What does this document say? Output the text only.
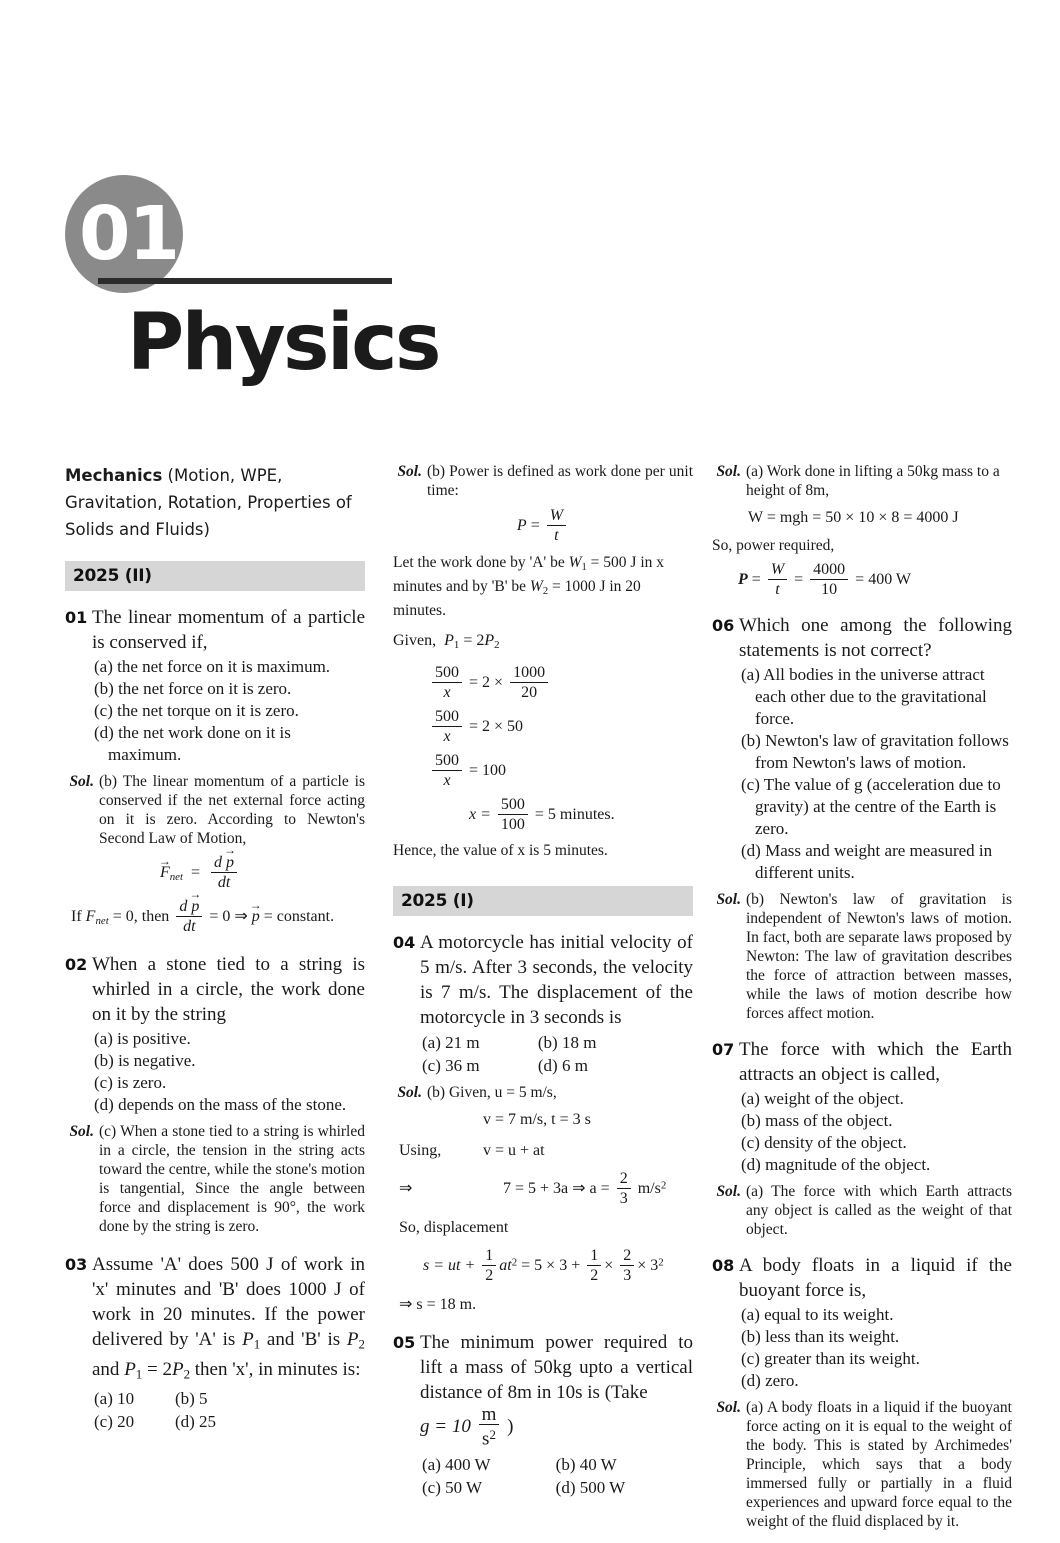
01
Physics
Mechanics (Motion, WPE, Gravitation, Rotation, Properties of Solids and Fluids)
2025 (II)
01 The linear momentum of a particle is conserved if,
(a) the net force on it is maximum.
(b) the net force on it is zero.
(c) the net torque on it is zero.
(d) the net work done on it is maximum.
Sol. (b) The linear momentum of a particle is conserved if the net external force acting on it is zero. According to Newton's Second Law of Motion,
$F \to_{net} = \frac{\text{d p →}}{dt}$
If $F_{net} = 0$, then $\frac{\text{d p →}}{dt} = 0$ ⇒ p → = constant.
02 When a stone tied to a string is whirled in a circle, the work done on it by the string
(a) is positive.
(b) is negative.
(c) is zero.
(d) depends on the mass of the stone.
Sol. (c) When a stone tied to a string is whirled in a circle, the tension in the string acts toward the centre, while the stone's motion is tangential, Since the angle between force and displacement is 90°, the work done by the string is zero.
03 Assume 'A' does 500 J of work in 'x' minutes and 'B' does 1000 J of work in 20 minutes. If the power delivered by 'A' is $P_1$ and 'B' is $P_2$ and $P_1 = 2P_2$ then 'x', in minutes is:
(a) 10	(b) 5
(c) 20	(d) 25
Sol. (b) Power is defined as work done per unit time:
$P = \frac{W}{t}$
Let the work done by 'A' be $W_1 = 500$ J in x minutes and by 'B' be $W_2 = 1000$ J in 20 minutes.
Given, $P_1 = 2P_2$
$\frac{500}{x} = 2 \times \frac{1000}{20}$
$\frac{500}{x} = 2 \times 50$
$\frac{500}{x} = 100$
$x = \frac{500}{100} = 5$ minutes.
Hence, the value of x is 5 minutes.
2025 (I)
04 A motorcycle has initial velocity of 5 m/s. After 3 seconds, the velocity is 7 m/s. The displacement of the motorcycle in 3 seconds is
(a) 21 m	(b) 18 m
(c) 36 m	(d) 6 m
Sol. (b) Given, u = 5 m/s,
v = 7 m/s, t = 3 s
Using,	v = u + at
⇒	7 = 5 + 3a ⇒ $a = \frac{2}{3} m/s^2$
So, displacement
s = ut + $\frac{1}{2} at^2 = 5 \times 3 + \frac{1}{2} \times \frac{2}{3} \times 3^2$
⇒ s = 18 m.
05 The minimum power required to lift a mass of 50kg upto a vertical distance of 8m in 10s is (Take
$g = 10 \frac{m}{s^2}$ )
(a) 400 W	(b) 40 W
(c) 50 W	(d) 500 W
Sol. (a) Work done in lifting a 50kg mass to a height of 8m,
W = mgh = 50 × 10 × 8 = 4000 J
So, power required,
$P = \frac{W}{t} = \frac{4000}{10} = 400$ W
06 Which one among the following statements is not correct?
(a) All bodies in the universe attract each other due to the gravitational force.
(b) Newton's law of gravitation follows from Newton's laws of motion.
(c) The value of g (acceleration due to gravity) at the centre of the Earth is zero.
(d) Mass and weight are measured in different units.
Sol. (b) Newton's law of gravitation is independent of Newton's laws of motion. In fact, both are separate laws proposed by Newton: The law of gravitation describes the force of attraction between masses, while the laws of motion describe how forces affect motion.
07 The force with which the Earth attracts an object is called,
(a) weight of the object.
(b) mass of the object.
(c) density of the object.
(d) magnitude of the object.
Sol. (a) The force with which Earth attracts any object is called as the weight of that object.
08 A body floats in a liquid if the buoyant force is,
(a) equal to its weight.
(b) less than its weight.
(c) greater than its weight.
(d) zero.
Sol. (a) A body floats in a liquid if the buoyant force acting on it is equal to the weight of the body. This is stated by Archimedes' Principle, which says that a body immersed fully or partially in a fluid experiences and upward force equal to the weight of the fluid displaced by it.
